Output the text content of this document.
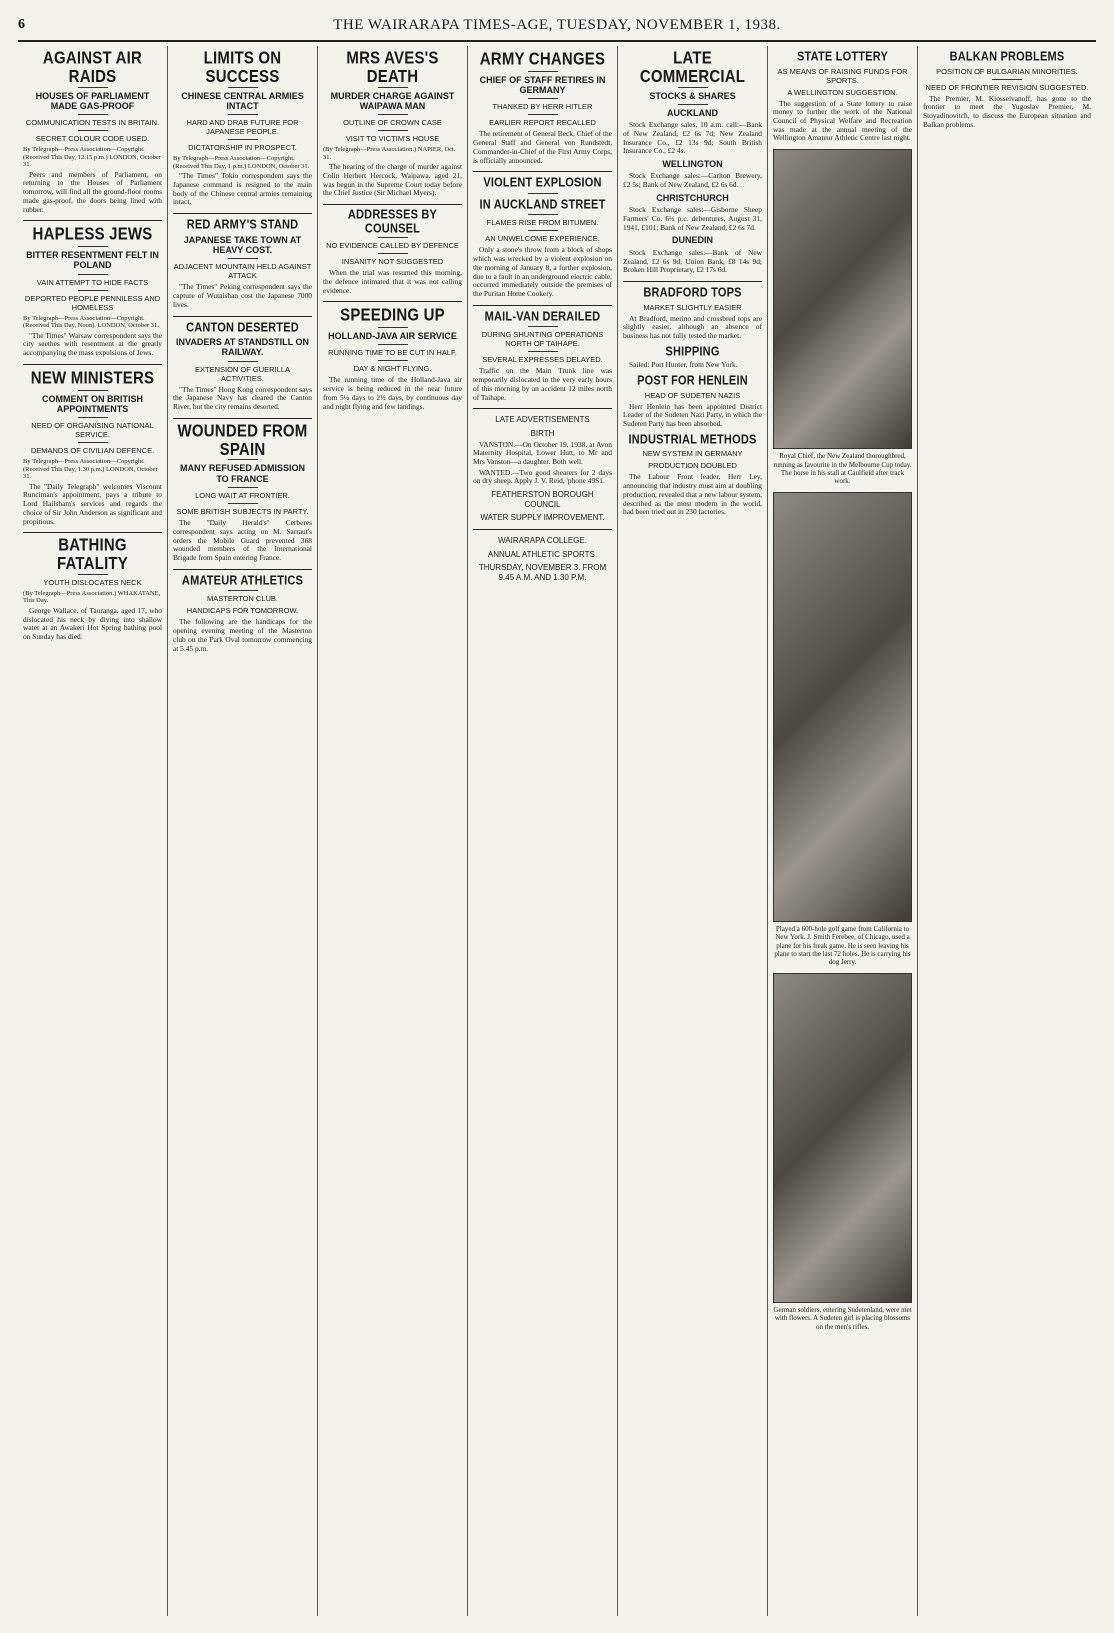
6	THE WAIRARAPA TIMES-AGE, TUESDAY, NOVEMBER 1, 1938.
AGAINST AIR RAIDS
HOUSES OF PARLIAMENT MADE GAS-PROOF
COMMUNICATION TESTS IN BRITAIN.
SECRET COLOUR CODE USED.
By Telegraph—Press Association—Copyright. (Received This Day, 12.15 p.m.) LONDON, October 31.
Peers and members of Parliament, on returning to the Houses of Parliament tomorrow, will find all the ground-floor rooms made gas-proof, the doors being lined with rubber.
HAPLESS JEWS
BITTER RESENTMENT FELT IN POLAND
VAIN ATTEMPT TO HIDE FACTS
DEPORTED PEOPLE PENNILESS AND HOMELESS
By Telegraph—Press Association—Copyright. (Received This Day, Noon). LONDON, October 31.
"The Times" Warsaw correspondent says the city seethes with resentment at the greatly accompanying the mass expulsions of Jews.
NEW MINISTERS
COMMENT ON BRITISH APPOINTMENTS
NEED OF ORGANISING NATIONAL SERVICE.
DEMANDS OF CIVILIAN DEFENCE.
By Telegraph—Press Association—Copyright. (Received This Day, 1.30 p.m.) LONDON, October 31.
The "Daily Telegraph" welcomes Viscount Runciman's appointment, pays a tribute to Lord Hailsham's services and regards the choice of Sir John Anderson as significant and propitious.
BATHING FATALITY
YOUTH DISLOCATES NECK
(By Telegraph—Press Association.) WHAKATANE, This Day.
George Wallace, of Tauranga, aged 17, who dislocated his neck by diving into shallow water at an Awakeri Hot Spring bathing pool on Sunday has died.
LIMITS ON SUCCESS
CHINESE CENTRAL ARMIES INTACT
HARD AND DRAB FUTURE FOR JAPANESE PEOPLE.
DICTATORSHIP IN PROSPECT.
By Telegraph—Press Association—Copyright. (Received This Day, 1 p.m.) LONDON, October 31.
"The Times" Tokio correspondent says the Japanese command is resigned to the main body of the Chinese central armies remaining intact.
RED ARMY'S STAND
JAPANESE TAKE TOWN AT HEAVY COST.
ADJACENT MOUNTAIN HELD AGAINST ATTACK
"The Times" Peking correspondent says the capture of Wutaishan cost the Japanese 7000 lives.
CANTON DESERTED
INVADERS AT STANDSTILL ON RAILWAY.
EXTENSION OF GUERILLA ACTIVITIES.
"The Times" Hong Kong correspondent says the Japanese Navy has cleared the Canton River, but the city remains deserted.
WOUNDED FROM SPAIN
MANY REFUSED ADMISSION TO FRANCE
LONG WAIT AT FRONTIER.
SOME BRITISH SUBJECTS IN PARTY.
The "Daily Herald's" Cerberes correspondent says acting on M. Sarraut's orders the Mobile Guard prevented 368 wounded members of the International Brigade from Spain entering France.
AMATEUR ATHLETICS
MASTERTON CLUB.
HANDICAPS FOR TOMORROW.
The following are the handicaps for the opening evening meeting of the Masterton club on the Park Oval tomorrow commencing at 5.45 p.m.
MRS AVES'S DEATH
MURDER CHARGE AGAINST WAIPAWA MAN
OUTLINE OF CROWN CASE
VISIT TO VICTIM'S HOUSE
(By Telegraph—Press Association.) NAPIER, Oct. 31.
The hearing of the charge of murder against Colin Herbert Hercock, Waipawa, aged 21, was begun in the Supreme Court today before the Chief Justice (Sir Michael Myers).
ADDRESSES BY COUNSEL
NO EVIDENCE CALLED BY DEFENCE
INSANITY NOT SUGGESTED
When the trial was resumed this morning, the defence intimated that it was not calling evidence.
SPEEDING UP
HOLLAND-JAVA AIR SERVICE
RUNNING TIME TO BE CUT IN HALF.
DAY & NIGHT FLYING.
The running time of the Holland-Java air service is being reduced in the near future from 5½ days to 2½ days, by continuous day and night flying and few landings.
ARMY CHANGES
CHIEF OF STAFF RETIRES IN GERMANY
THANKED BY HERR HITLER
EARLIER REPORT RECALLED
The retirement of General Beck, Chief of the General Staff and General von Rundstedt, Commander-in-Chief of the First Army Corps, is officially announced.
VIOLENT EXPLOSION
IN AUCKLAND STREET
FLAMES RISE FROM BITUMEN.
AN UNWELCOME EXPERIENCE.
Only a stone's throw from a block of shops which was wrecked by a violent explosion on the morning of January 8, a further explosion, due to a fault in an underground electric cable, occurred immediately outside the premises of the Puritan Home Cookery.
MAIL-VAN DERAILED
DURING SHUNTING OPERATIONS NORTH OF TAIHAPE.
SEVERAL EXPRESSES DELAYED.
Traffic on the Main Trunk line was temporarily dislocated in the very early hours of this morning by an accident 12 miles north of Taihape.
LATE ADVERTISEMENTS
BIRTH
VANSTON.—On October 19, 1938, at Avon Maternity Hospital, Lower Hutt, to Mr and Mrs Vanston—a daughter. Both well.
WANTED.—Two good shearers for 2 days on dry sheep. Apply J. V. Reid, 'phone 49S1.
FEATHERSTON BOROUGH COUNCIL
WATER SUPPLY IMPROVEMENT.
WAIRARAPA COLLEGE.
ANNUAL ATHLETIC SPORTS.
THURSDAY, NOVEMBER 3. FROM 9.45 A.M. AND 1.30 P.M.
LATE COMMERCIAL
STOCKS & SHARES
AUCKLAND
Stock Exchange sales, 10 a.m. call:—Bank of New Zealand, £2 6s 7d; New Zealand Insurance Co., £2 13s 9d; South British Insurance Co., £2 4s.
WELLINGTON
Stock Exchange sales:—Carlton Brewery, £2 5s; Bank of New Zealand, £2 6s 6d.
CHRISTCHURCH
Stock Exchange sales:—Gisborne Sheep Farmers' Co. 6½ p.c. debentures, August 31, 1941, £101; Bank of New Zealand, £2 6s 7d.
DUNEDIN
Stock Exchange sales:—Bank of New Zealand, £2 6s 9d; Union Bank, £8 14s 9d; Broken Hill Proprietary, £2 17s 6d.
BRADFORD TOPS
MARKET SLIGHTLY EASIER
At Bradford, merino and crossbred tops are slightly easier, although an absence of business has not fully tested the market.
SHIPPING
Sailed: Port Hunter, from New York.
POST FOR HENLEIN
HEAD OF SUDETEN NAZIS
Herr Henlein has been appointed District Leader of the Sudeten Nazi Party, in which the Sudeten Party has been absorbed.
INDUSTRIAL METHODS
NEW SYSTEM IN GERMANY
PRODUCTION DOUBLED
The Labour Front leader, Herr Ley, announcing that industry must aim at doubling production, revealed that a new labour system, described as the most modern in the world, had been tried out in 230 factories.
STATE LOTTERY
AS MEANS OF RAISING FUNDS FOR SPORTS.
A WELLINGTON SUGGESTION.
The suggestion of a State lottery to raise money to further the work of the National Council of Physical Welfare and Recreation was made at the annual meeting of the Wellington Amateur Athletic Centre last night.
Royal Chief, the New Zealand thoroughbred, running as favourite in the Melbourne Cup today. The horse in his stall at Caulfield after track work.
Played a 600-hole golf game from California to New York. J. Smith Ferebee, of Chicago, used a plane for his freak game. He is seen leaving his plane to start the last 72 holes. He is carrying his dog Jerry.
German soldiers, entering Sudetenland, were met with flowers. A Sudeten girl is placing blossoms on the men's rifles.
BALKAN PROBLEMS
POSITION OF BULGARIAN MINORITIES.
NEED OF FRONTIER REVISION SUGGESTED.
The Premier, M. Kiosseivanoff, has gone to the frontier to meet the Yugoslav Premier, M. Stoyadinovitch, to discuss the European situation and Balkan problems.
